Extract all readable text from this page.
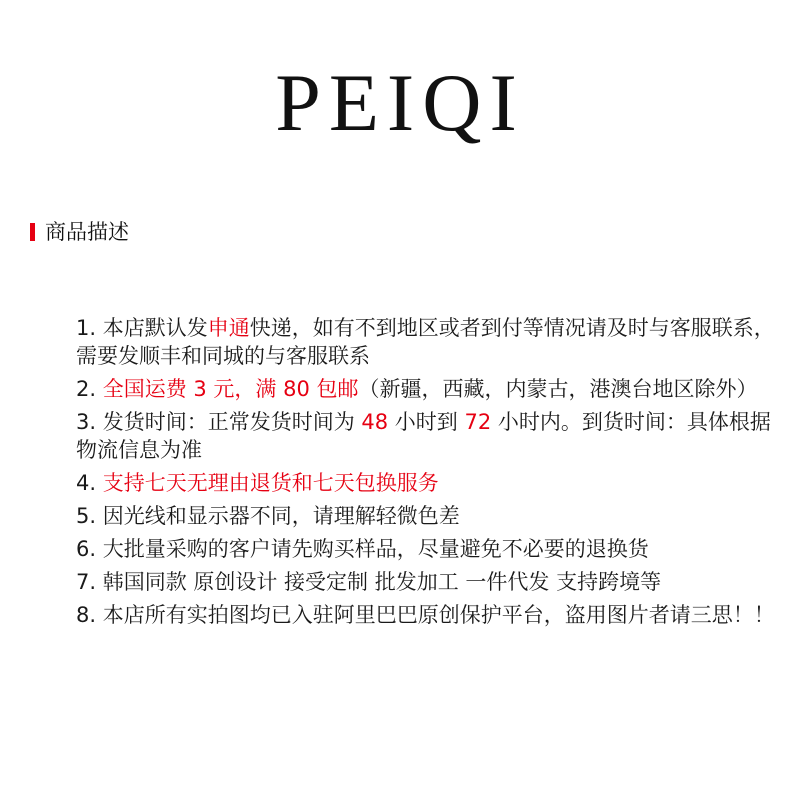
PEIQI
商品描述
1. 本店默认发申通快递，如有不到地区或者到付等情况请及时与客服联系，需要发顺丰和同城的与客服联系
2. 全国运费 3 元，满 80 包邮（新疆，西藏，内蒙古，港澳台地区除外）
3. 发货时间：正常发货时间为 48 小时到 72 小时内。到货时间：具体根据物流信息为准
4. 支持七天无理由退货和七天包换服务
5. 因光线和显示器不同，请理解轻微色差
6. 大批量采购的客户请先购买样品，尽量避免不必要的退换货
7. 韩国同款 原创设计 接受定制 批发加工 一件代发 支持跨境等
8. 本店所有实拍图均已入驻阿里巴巴原创保护平台，盗用图片者请三思！！
